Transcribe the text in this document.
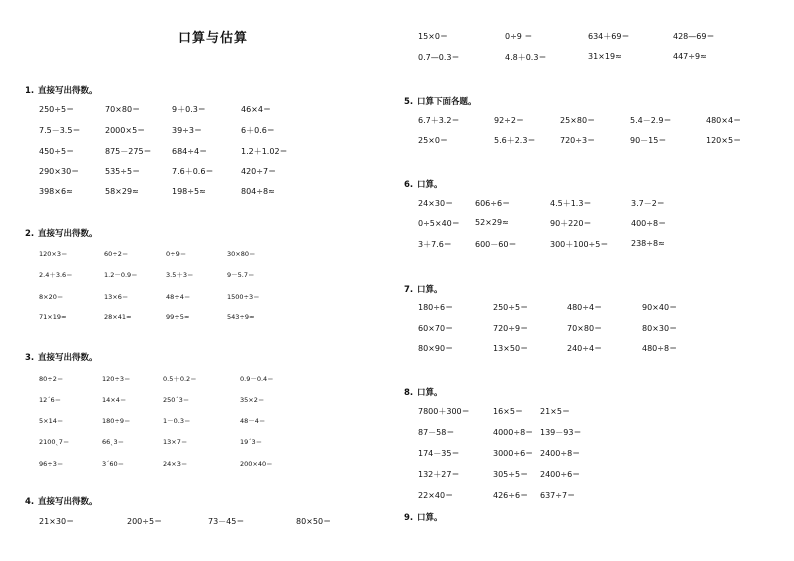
口算与估算
1. 直接写出得数。
250÷5＝	70×80＝	9＋0.3＝	46×4＝
7.5－3.5＝	2000×5＝	39÷3＝	6＋0.6＝
450÷5＝	875－275＝	684÷4＝	1.2＋1.02＝
290×30＝	535÷5＝	7.6＋0.6＝	420÷7＝
398×6≈	58×29≈	198÷5≈	804÷8≈
2. 直接写出得数。
120×3＝	60÷2＝	0÷9＝	30×80＝
2.4＋3.6＝	1.2－0.9＝	3.5＋3＝	9－5.7＝
8×20＝	13×6＝	48÷4＝	1500÷3＝
71×19≈	28×41≈	99÷5≈	543÷9≈
3. 直接写出得数。
80÷2＝	120÷3＝	0.5＋0.2＝	0.9－0.4＝
12ˊ6＝	14×4＝	250ˊ3＝	35×2＝
5×14＝	180÷9＝	1－0.3＝	48－4＝
2100ˎ7＝	66ˎ3＝	13×7＝	19ˊ3＝
96÷3＝	3ˊ60＝	24×3＝	200×40＝
4. 直接写出得数。
21×30＝	200÷5＝	73－45＝	80×50＝
15×0＝	0÷9 ＝	634＋69＝	428—69＝
0.7—0.3＝	4.8＋0.3＝	31×19≈	447÷9≈
5. 口算下面各题。
6.7＋3.2＝	92÷2＝	25×80＝	5.4－2.9＝	480×4＝
25×0＝	5.6＋2.3＝	720÷3＝	90－15＝	120×5＝
6. 口算。
24×30＝	606÷6＝	4.5＋1.3＝	3.7－2＝
0÷5×40＝ 52×29≈	90＋220＝	400÷8＝
3＋7.6＝	600－60＝	300＋100÷5＝	238÷8≈
7. 口算。
180÷6＝	250÷5＝	480÷4＝	90×40＝
60×70＝	720÷9＝	70×80＝	80×30＝
80×90＝	13×50＝	240÷4＝	480÷8＝
8. 口算。
7800＋300＝	16×5＝ 21×5＝
87－58＝	4000÷8＝ 139－93＝
174－35＝	3000÷6＝ 2400÷8＝
132＋27＝	305÷5＝ 2400÷6＝
22×40＝	426÷6＝ 637÷7＝
9. 口算。
